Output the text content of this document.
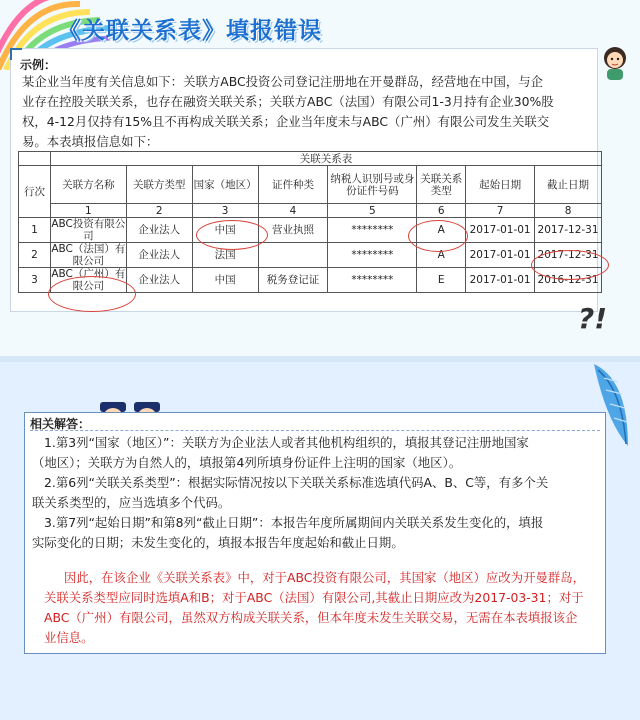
《关联关系表》填报错误
示例：
某企业当年度有关信息如下：关联方ABC投资公司登记注册地在开曼群岛，经营地在中国，与企
业存在控股关联关系，也存在融资关联关系；关联方ABC（法国）有限公司1-3月持有企业30%股
权，4-12月仅持有15%且不再构成关联关系；企业当年度未与ABC（广州）有限公司发生关联交
易。本表填报信息如下：
	关联关系表							
行次	关联方名称	关联方类型	国家（地区）	证件种类	纳税人识别号或身份证件号码	关联关系类型	起始日期	截止日期
	1	2	3	4	5	6	7	8
1	ABC投资有限公司	企业法人	中国	营业执照	********	A	2017-01-01	2017-12-31
2	ABC（法国）有限公司	企业法人	法国		********	A	2017-01-01	2017-12-31
3	ABC（广州）有限公司	企业法人	中国	税务登记证	********	E	2017-01-01	2016-12-31
?!
相关解答：
1.第3列“国家（地区）”：关联方为企业法人或者其他机构组织的，填报其登记注册地国家
（地区）；关联方为自然人的，填报第4列所填身份证件上注明的国家（地区）。
2.第6列“关联关系类型”：根据实际情况按以下关联关系标准选填代码A、B、C等，有多个关
联关系类型的，应当选填多个代码。
3.第7列“起始日期”和第8列“截止日期”：本报告年度所属期间内关联关系发生变化的，填报
实际变化的日期；未发生变化的，填报本报告年度起始和截止日期。
因此，在该企业《关联关系表》中，对于ABC投资有限公司，其国家（地区）应改为开曼群岛，
关联关系类型应同时选填A和B；对于ABC（法国）有限公司,其截止日期应改为2017-03-31；对于
ABC（广州）有限公司，虽然双方构成关联关系，但本年度未发生关联交易，无需在本表填报该企
业信息。
